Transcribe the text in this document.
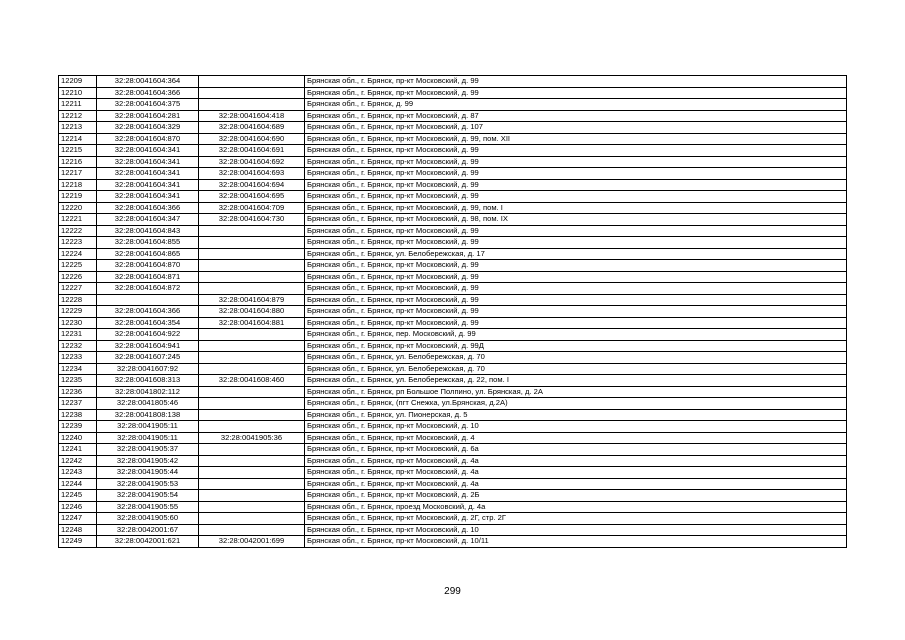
12209	32:28:0041604:364		Брянская обл., г. Брянск, пр-кт Московский, д. 99
12210	32:28:0041604:366		Брянская обл., г. Брянск, пр-кт Московский, д. 99
12211	32:28:0041604:375		Брянская обл., г. Брянск, д. 99
12212	32:28:0041604:281	32:28:0041604:418	Брянская обл., г. Брянск, пр-кт Московский, д. 87
12213	32:28:0041604:329	32:28:0041604:689	Брянская обл., г. Брянск, пр-кт Московский, д. 107
12214	32:28:0041604:870	32:28:0041604:690	Брянская обл., г. Брянск, пр-кт Московский, д. 99, пом. XII
12215	32:28:0041604:341	32:28:0041604:691	Брянская обл., г. Брянск, пр-кт Московский, д. 99
12216	32:28:0041604:341	32:28:0041604:692	Брянская обл., г. Брянск, пр-кт Московский, д. 99
12217	32:28:0041604:341	32:28:0041604:693	Брянская обл., г. Брянск, пр-кт Московский, д. 99
12218	32:28:0041604:341	32:28:0041604:694	Брянская обл., г. Брянск, пр-кт Московский, д. 99
12219	32:28:0041604:341	32:28:0041604:695	Брянская обл., г. Брянск, пр-кт Московский, д. 99
12220	32:28:0041604:366	32:28:0041604:709	Брянская обл., г. Брянск, пр-кт Московский, д. 99, пом. I
12221	32:28:0041604:347	32:28:0041604:730	Брянская обл., г. Брянск, пр-кт Московский, д. 98, пом. IX
12222	32:28:0041604:843		Брянская обл., г. Брянск, пр-кт Московский, д. 99
12223	32:28:0041604:855		Брянская обл., г. Брянск, пр-кт Московский, д. 99
12224	32:28:0041604:865		Брянская обл., г. Брянск, ул. Белобережская, д. 17
12225	32:28:0041604:870		Брянская обл., г. Брянск, пр-кт Московский, д. 99
12226	32:28:0041604:871		Брянская обл., г. Брянск, пр-кт Московский, д. 99
12227	32:28:0041604:872		Брянская обл., г. Брянск, пр-кт Московский, д. 99
12228		32:28:0041604:879	Брянская обл., г. Брянск, пр-кт Московский, д. 99
12229	32:28:0041604:366	32:28:0041604:880	Брянская обл., г. Брянск, пр-кт Московский, д. 99
12230	32:28:0041604:354	32:28:0041604:881	Брянская обл., г. Брянск, пр-кт Московский, д. 99
12231	32:28:0041604:922		Брянская обл., г. Брянск, пер. Московский, д. 99
12232	32:28:0041604:941		Брянская обл., г. Брянск, пр-кт Московский, д. 99Д
12233	32:28:0041607:245		Брянская обл., г. Брянск, ул. Белобережская, д. 70
12234	32:28:0041607:92		Брянская обл., г. Брянск, ул. Белобережская, д. 70
12235	32:28:0041608:313	32:28:0041608:460	Брянская обл., г. Брянск, ул. Белобережская, д. 22, пом. I
12236	32:28:0041802:112		Брянская обл., г. Брянск, рп Большое Полпино, ул. Брянская, д. 2А
12237	32:28:0041805:46		Брянская обл., г. Брянск, (пгт Снежка, ул.Брянская, д.2А)
12238	32:28:0041808:138		Брянская обл., г. Брянск, ул. Пионерская, д. 5
12239	32:28:0041905:11		Брянская обл., г. Брянск, пр-кт Московский, д. 10
12240	32:28:0041905:11	32:28:0041905:36	Брянская обл., г. Брянск, пр-кт Московский, д. 4
12241	32:28:0041905:37		Брянская обл., г. Брянск, пр-кт Московский, д. 6а
12242	32:28:0041905:42		Брянская обл., г. Брянск, пр-кт Московский, д. 4а
12243	32:28:0041905:44		Брянская обл., г. Брянск, пр-кт Московский, д. 4а
12244	32:28:0041905:53		Брянская обл., г. Брянск, пр-кт Московский, д. 4а
12245	32:28:0041905:54		Брянская обл., г. Брянск, пр-кт Московский, д. 2Б
12246	32:28:0041905:55		Брянская обл., г. Брянск, проезд Московский, д. 4а
12247	32:28:0041905:60		Брянская обл., г. Брянск, пр-кт Московский, д. 2Г, стр. 2Г
12248	32:28:0042001:67		Брянская обл., г. Брянск, пр-кт Московский, д. 10
12249	32:28:0042001:621	32:28:0042001:699	Брянская обл., г. Брянск, пр-кт Московский, д. 10/11
299
